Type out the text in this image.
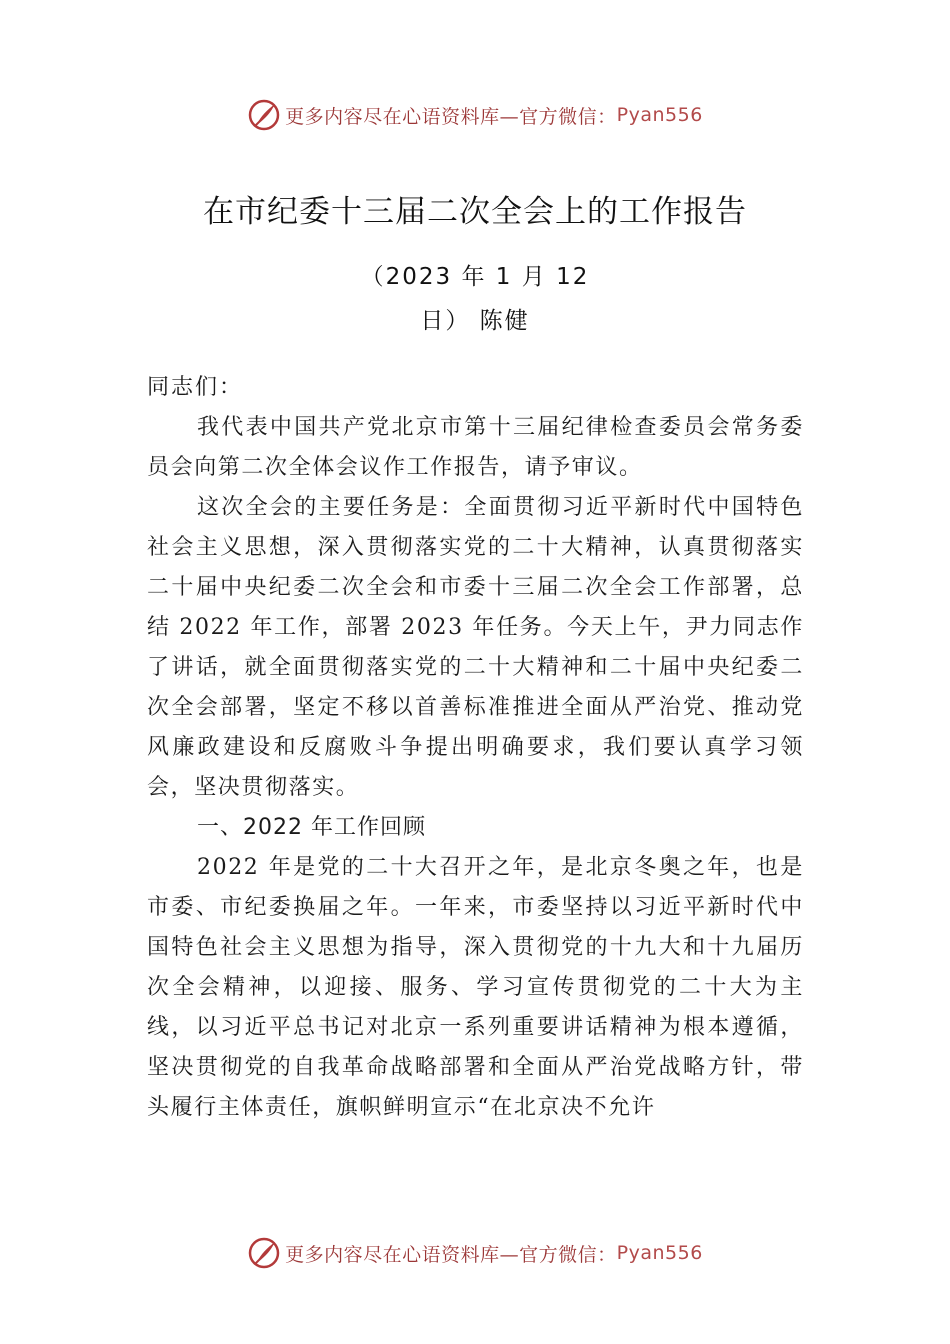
更多内容尽在心语资料库—官方微信： Pyan556
在市纪委十三届二次全会上的工作报告
（2023 年 1 月 12
日） 陈健

同志们：

我代表中国共产党北京市第十三届纪律检查委员会常务委员会向第二次全体会议作工作报告，请予审议。

这次全会的主要任务是：全面贯彻习近平新时代中国特色社会主义思想，深入贯彻落实党的二十大精神，认真贯彻落实二十届中央纪委二次全会和市委十三届二次全会工作部署，总结 2022 年工作，部署 2023 年任务。今天上午，尹力同志作了讲话，就全面贯彻落实党的二十大精神和二十届中央纪委二次全会部署，坚定不移以首善标准推进全面从严治党、推动党风廉政建设和反腐败斗争提出明确要求，我们要认真学习领会，坚决贯彻落实。

一、2022 年工作回顾

2022 年是党的二十大召开之年，是北京冬奥之年，也是市委、市纪委换届之年。一年来，市委坚持以习近平新时代中国特色社会主义思想为指导，深入贯彻党的十九大和十九届历次全会精神，以迎接、服务、学习宣传贯彻党的二十大为主线，以习近平总书记对北京一系列重要讲话精神为根本遵循，坚决贯彻党的自我革命战略部署和全面从严治党战略方针，带头履行主体责任，旗帜鲜明宣示“在北京决不允许

更多内容尽在心语资料库—官方微信： Pyan556
